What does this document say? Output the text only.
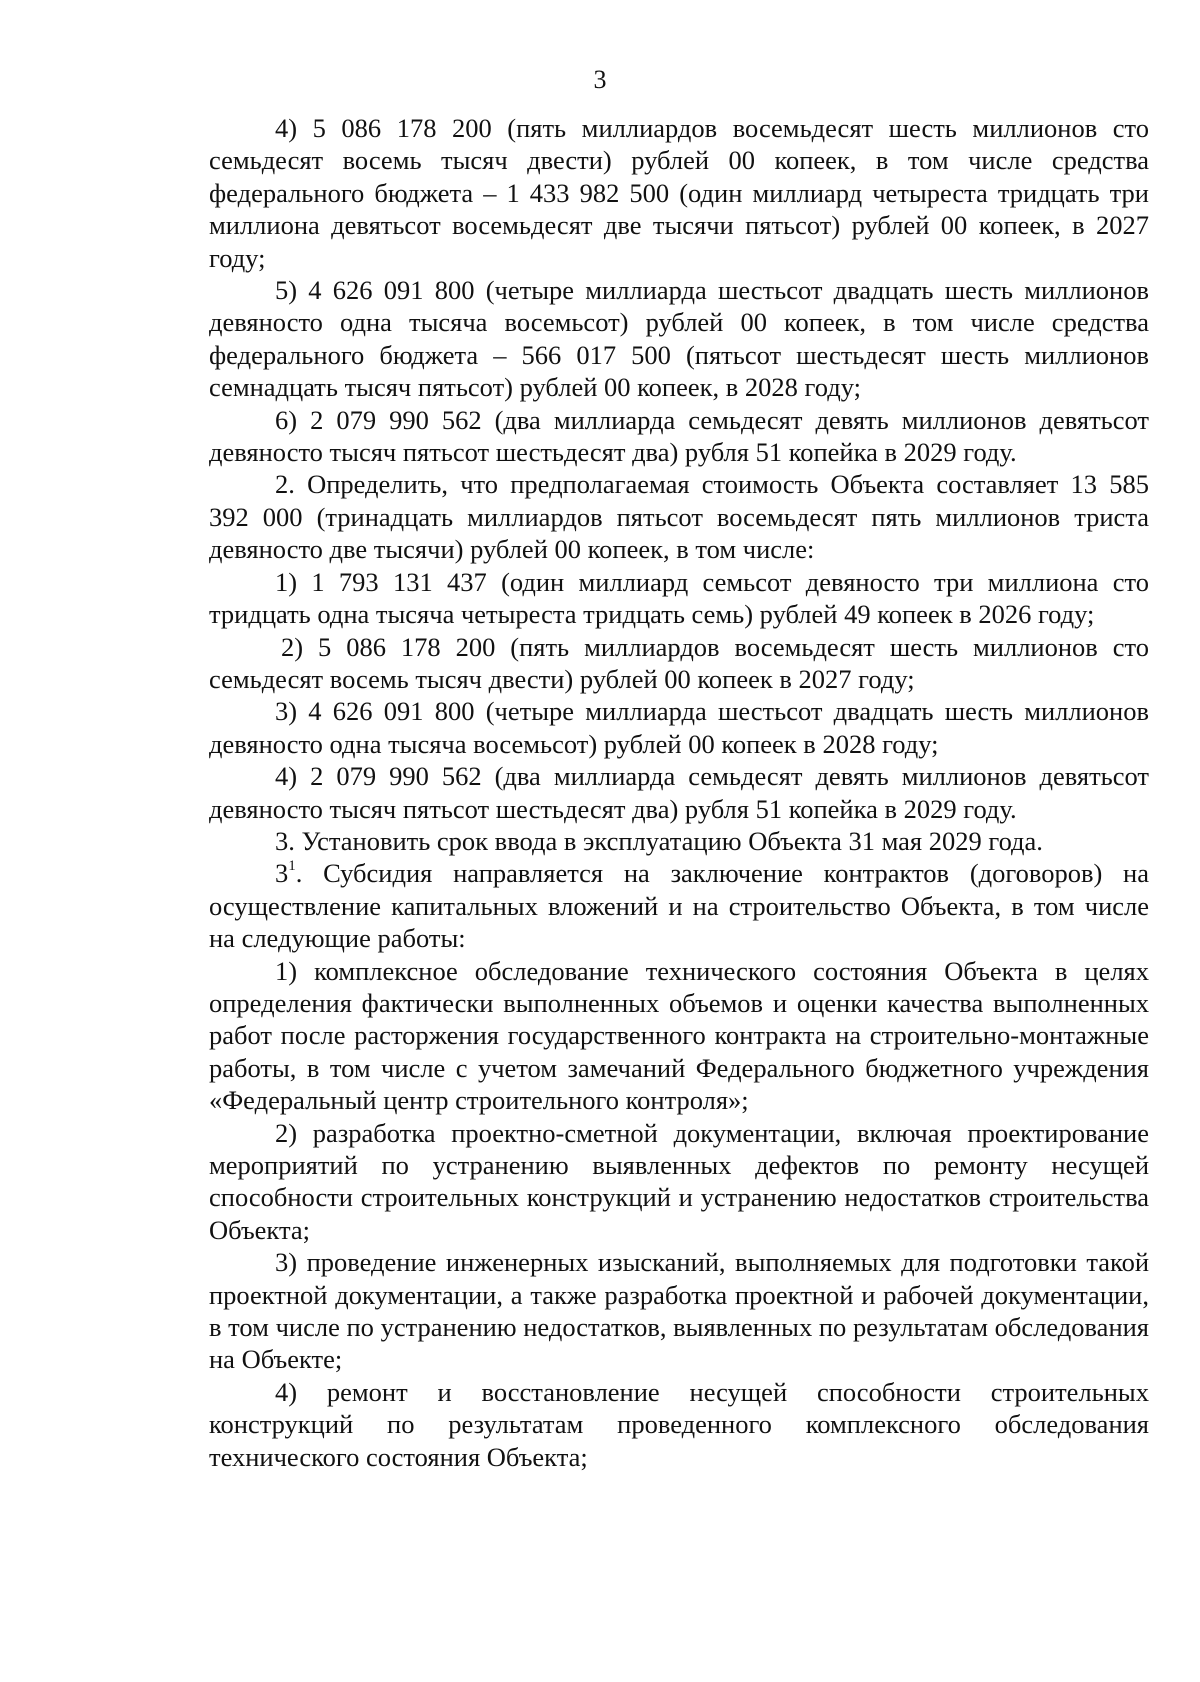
3

4) 5 086 178 200 (пять миллиардов восемьдесят шесть миллионов сто семьдесят восемь тысяч двести) рублей 00 копеек, в том числе средства федерального бюджета – 1 433 982 500 (один миллиард четыреста тридцать три миллиона девятьсот восемьдесят две тысячи пятьсот) рублей 00 копеек, в 2027 году;

5) 4 626 091 800 (четыре миллиарда шестьсот двадцать шесть миллионов девяносто одна тысяча восемьсот) рублей 00 копеек, в том числе средства федерального бюджета – 566 017 500 (пятьсот шестьдесят шесть миллионов семнадцать тысяч пятьсот) рублей 00 копеек, в 2028 году;

6) 2 079 990 562 (два миллиарда семьдесят девять миллионов девятьсот девяносто тысяч пятьсот шестьдесят два) рубля 51 копейка в 2029 году.

2. Определить, что предполагаемая стоимость Объекта составляет 13 585 392 000 (тринадцать миллиардов пятьсот восемьдесят пять миллионов триста девяносто две тысячи) рублей 00 копеек, в том числе:

1) 1 793 131 437 (один миллиард семьсот девяносто три миллиона сто тридцать одна тысяча четыреста тридцать семь) рублей 49 копеек в 2026 году;

2) 5 086 178 200 (пять миллиардов восемьдесят шесть миллионов сто семьдесят восемь тысяч двести) рублей 00 копеек в 2027 году;

3) 4 626 091 800 (четыре миллиарда шестьсот двадцать шесть миллионов девяносто одна тысяча восемьсот) рублей 00 копеек в 2028 году;

4) 2 079 990 562 (два миллиарда семьдесят девять миллионов девятьсот девяносто тысяч пятьсот шестьдесят два) рубля 51 копейка в 2029 году.

3. Установить срок ввода в эксплуатацию Объекта 31 мая 2029 года.

$3^1$. Субсидия направляется на заключение контрактов (договоров) на осуществление капитальных вложений и на строительство Объекта, в том числе на следующие работы:

1) комплексное обследование технического состояния Объекта в целях определения фактически выполненных объемов и оценки качества выполненных работ после расторжения государственного контракта на строительно-монтажные работы, в том числе с учетом замечаний Федерального бюджетного учреждения «Федеральный центр строительного контроля»;

2) разработка проектно-сметной документации, включая проектирование мероприятий по устранению выявленных дефектов по ремонту несущей способности строительных конструкций и устранению недостатков строительства Объекта;

3) проведение инженерных изысканий, выполняемых для подготовки такой проектной документации, а также разработка проектной и рабочей документации, в том числе по устранению недостатков, выявленных по результатам обследования на Объекте;

4) ремонт и восстановление несущей способности строительных конструкций по результатам проведенного комплексного обследования технического состояния Объекта;
